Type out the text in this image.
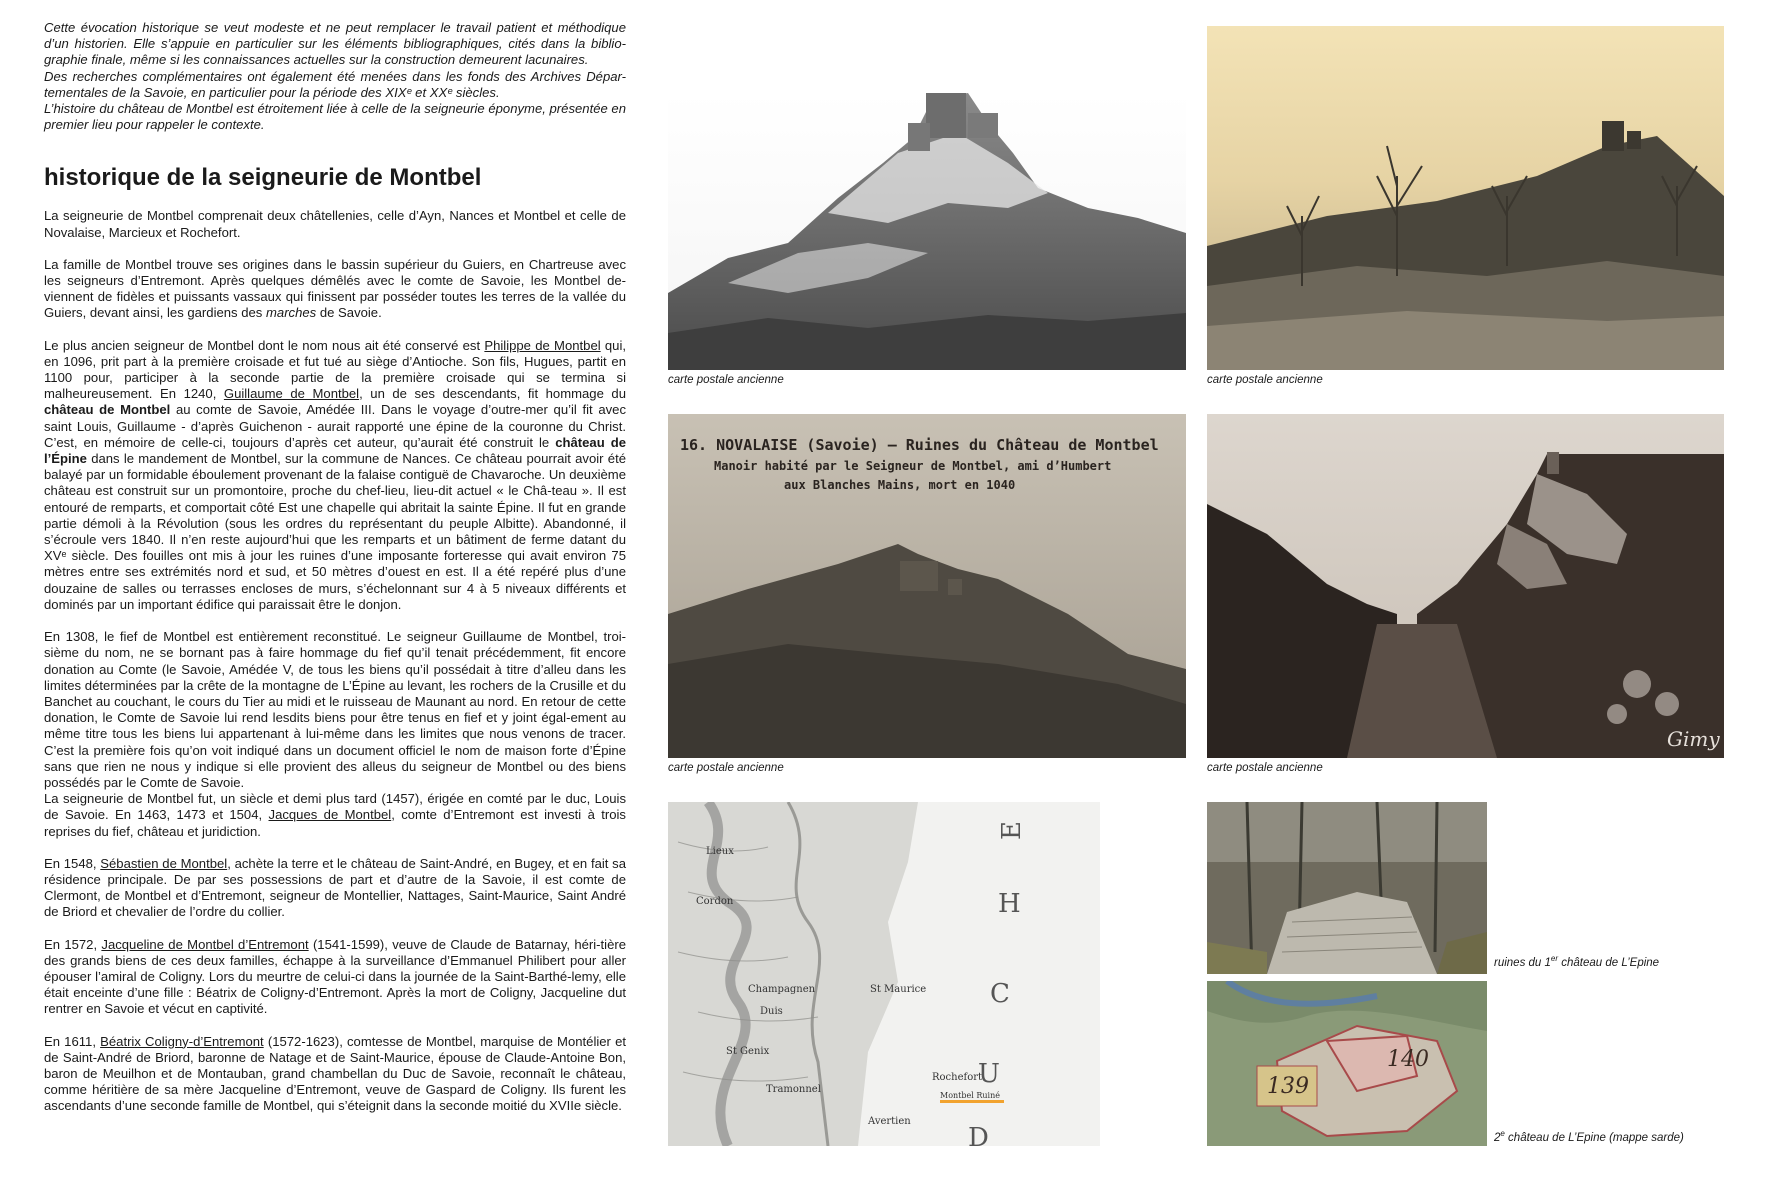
Cette évocation historique se veut modeste et ne peut remplacer le travail patient et méthodique d’un historien. Elle s’appuie en particulier sur les éléments bibliographiques, cités dans la biblio-graphie finale, même si les connaissances actuelles sur la construction demeurent lacunaires.

Des recherches complémentaires ont également été menées dans les fonds des Archives Dépar-tementales de la Savoie, en particulier pour la période des XIXᵉ et XXᵉ siècles.

L’histoire du château de Montbel est étroitement liée à celle de la seigneurie éponyme, présentée en premier lieu pour rappeler le contexte.

historique de la seigneurie de Montbel

La seigneurie de Montbel comprenait deux châtellenies, celle d’Ayn, Nances et Montbel et celle de Novalaise, Marcieux et Rochefort.

La famille de Montbel trouve ses origines dans le bassin supérieur du Guiers, en Chartreuse avec les seigneurs d’Entremont. Après quelques démêlés avec le comte de Savoie, les Montbel de-viennent de fidèles et puissants vassaux qui finissent par posséder toutes les terres de la vallée du Guiers, devant ainsi, les gardiens des marches de Savoie.

Le plus ancien seigneur de Montbel dont le nom nous ait été conservé est Philippe de Montbel qui, en 1096, prit part à la première croisade et fut tué au siège d’Antioche. Son fils, Hugues, partit en 1100 pour, participer à la seconde partie de la première croisade qui se termina si malheureusement. En 1240, Guillaume de Montbel, un de ses descendants, fit hommage du château de Montbel au comte de Savoie, Amédée III. Dans le voyage d’outre-mer qu’il fit avec saint Louis, Guillaume - d’après Guichenon - aurait rapporté une épine de la couronne du Christ. C’est, en mémoire de celle-ci, toujours d’après cet auteur, qu’aurait été construit le château de l’Épine dans le mandement de Montbel, sur la commune de Nances. Ce château pourrait avoir été balayé par un formidable éboulement provenant de la falaise contiguë de Chavaroche. Un deuxième château est construit sur un promontoire, proche du chef-lieu, lieu-dit actuel « le Châ-teau ». Il est entouré de remparts, et comportait côté Est une chapelle qui abritait la sainte Épine. Il fut en grande partie démoli à la Révolution (sous les ordres du représentant du peuple Albitte). Abandonné, il s’écroule vers 1840. Il n’en reste aujourd’hui que les remparts et un bâtiment de ferme datant du XVᵉ siècle. Des fouilles ont mis à jour les ruines d’une imposante forteresse qui avait environ 75 mètres entre ses extrémités nord et sud, et 50 mètres d’ouest en est. Il a été repéré plus d’une douzaine de salles ou terrasses encloses de murs, s’échelonnant sur 4 à 5 niveaux différents et dominés par un important édifice qui paraissait être le donjon.

En 1308, le fief de Montbel est entièrement reconstitué. Le seigneur Guillaume de Montbel, troi-sième du nom, ne se bornant pas à faire hommage du fief qu’il tenait précédemment, fit encore donation au Comte (le Savoie, Amédée V, de tous les biens qu’il possédait à titre d’alleu dans les limites déterminées par la crête de la montagne de L’Épine au levant, les rochers de la Crusille et du Banchet au couchant, le cours du Tier au midi et le ruisseau de Maunant au nord. En retour de cette donation, le Comte de Savoie lui rend lesdits biens pour être tenus en fief et y joint égal-ement au même titre tous les biens lui appartenant à lui-même dans les limites que nous venons de tracer. C’est la première fois qu’on voit indiqué dans un document officiel le nom de maison forte d’Épine sans que rien ne nous y indique si elle provient des alleus du seigneur de Montbel ou des biens possédés par le Comte de Savoie.

La seigneurie de Montbel fut, un siècle et demi plus tard (1457), érigée en comté par le duc, Louis de Savoie. En 1463, 1473 et 1504, Jacques de Montbel, comte d’Entremont est investi à trois reprises du fief, château et juridiction.

En 1548, Sébastien de Montbel, achète la terre et le château de Saint-André, en Bugey, et en fait sa résidence principale. De par ses possessions de part et d’autre de la Savoie, il est comte de Clermont, de Montbel et d’Entremont, seigneur de Montellier, Nattages, Saint-Maurice, Saint André de Briord et chevalier de l’ordre du collier.

En 1572, Jacqueline de Montbel d’Entremont (1541-1599), veuve de Claude de Batarnay, héri-tière des grands biens de ces deux familles, échappe à la surveillance d’Emmanuel Philibert pour aller épouser l’amiral de Coligny. Lors du meurtre de celui-ci dans la journée de la Saint-Barthé-lemy, elle était enceinte d’une fille : Béatrix de Coligny-d’Entremont. Après la mort de Coligny, Jacqueline dut rentrer en Savoie et vécut en captivité.

En 1611, Béatrix Coligny-d’Entremont (1572-1623), comtesse de Montbel, marquise de Montélier et de Saint-André de Briord, baronne de Natage et de Saint-Maurice, épouse de Claude-Antoine Bon, baron de Meuilhon et de Montauban, grand chambellan du Duc de Savoie, reconnaît le château, comme héritière de sa mère Jacqueline d’Entremont, veuve de Gaspard de Coligny. Ils furent les ascendants d’une seconde famille de Montbel, qui s’éteignit dans la seconde moitié du XVIIe siècle.

carte postale ancienne	carte postale ancienne
16. NOVALAISE (Savoie) — Ruines du Château de Montbel
Manoir habité par le Seigneur de Montbel, ami d’Humbert
aux Blanches Mains, mort en 1040
carte postale ancienne
Gimy
carte postale ancienne
Lieux
Cordon
Champagnen	St Maurice
Duis
St Genix
Tramonnel
Rochefort
Avertien
Montbel Ruiné
E
H
C
U
D
ruines du 1er château de L’Epine
140
139
2e château de L’Epine (mappe sarde)
